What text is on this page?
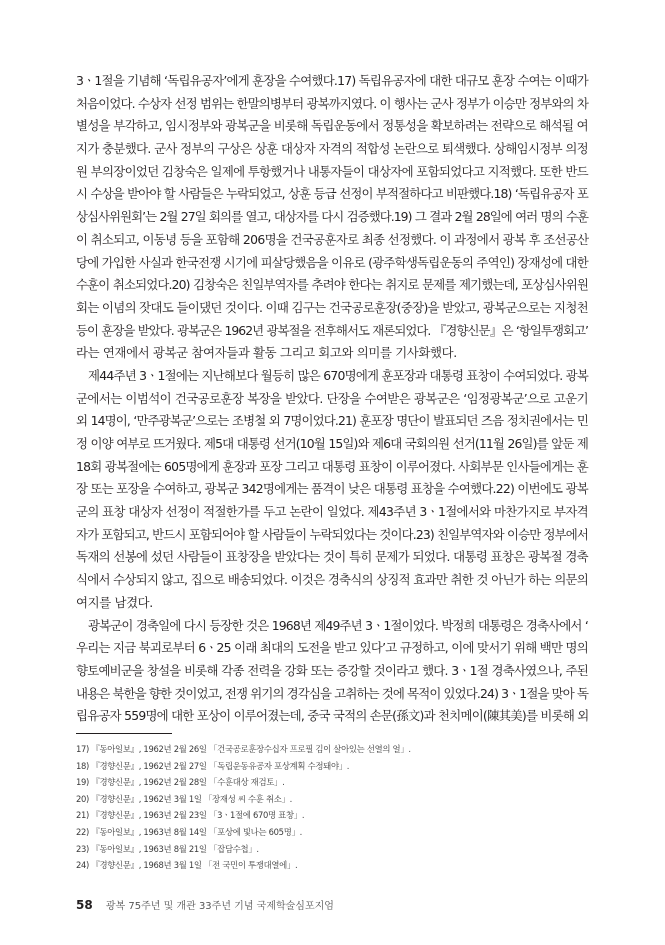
3ㆍ1절을 기념해 ‘독립유공자’에게 훈장을 수여했다.17) 독립유공자에 대한 대규모 훈장 수여는 이때가
처음이었다. 수상자 선정 범위는 한말의병부터 광복까지였다. 이 행사는 군사 정부가 이승만 정부와의 차
별성을 부각하고, 임시정부와 광복군을 비롯해 독립운동에서 정통성을 확보하려는 전략으로 해석될 여
지가 충분했다. 군사 정부의 구상은 상훈 대상자 자격의 적합성 논란으로 퇴색했다. 상해임시정부 의정
원 부의장이었던 김창숙은 일제에 투항했거나 내통자들이 대상자에 포함되었다고 지적했다. 또한 반드
시 수상을 받아야 할 사람들은 누락되었고, 상훈 등급 선정이 부적절하다고 비판했다.18) ‘독립유공자 포
상심사위원회’는 2월 27일 회의를 열고, 대상자를 다시 검증했다.19) 그 결과 2월 28일에 여러 명의 수훈
이 취소되고, 이동녕 등을 포함해 206명을 건국공훈자로 최종 선정했다. 이 과정에서 광복 후 조선공산
당에 가입한 사실과 한국전쟁 시기에 피살당했음을 이유로 (광주학생독립운동의 주역인) 장재성에 대한
수훈이 취소되었다.20) 김창숙은 친일부역자를 추려야 한다는 취지로 문제를 제기했는데, 포상심사위원
회는 이념의 잣대도 들이댔던 것이다. 이때 김구는 건국공로훈장(중장)을 받았고, 광복군으로는 지청천
등이 훈장을 받았다. 광복군은 1962년 광복절을 전후해서도 재론되었다. 『경향신문』은 ‘항일투쟁회고’
라는 연재에서 광복군 참여자들과 활동 그리고 회고와 의미를 기사화했다.
제44주년 3ㆍ1절에는 지난해보다 월등히 많은 670명에게 훈포장과 대통령 표창이 수여되었다. 광복
군에서는 이범석이 건국공로훈장 복장을 받았다. 단장을 수여받은 광복군은 ‘임정광복군’으로 고운기
외 14명이, ‘만주광복군’으로는 조병철 외 7명이었다.21) 훈포장 명단이 발표되던 즈음 정치권에서는 민
정 이양 여부로 뜨거웠다. 제5대 대통령 선거(10월 15일)와 제6대 국회의원 선거(11월 26일)를 앞둔 제
18회 광복절에는 605명에게 훈장과 포장 그리고 대통령 표창이 이루어졌다. 사회부문 인사들에게는 훈
장 또는 포장을 수여하고, 광복군 342명에게는 품격이 낮은 대통령 표창을 수여했다.22) 이번에도 광복
군의 표창 대상자 선정이 적절한가를 두고 논란이 일었다. 제43주년 3ㆍ1절에서와 마찬가지로 부자격
자가 포함되고, 반드시 포함되어야 할 사람들이 누락되었다는 것이다.23) 친일부역자와 이승만 정부에서
독재의 선봉에 섰던 사람들이 표창장을 받았다는 것이 특히 문제가 되었다. 대통령 표창은 광복절 경축
식에서 수상되지 않고, 집으로 배송되었다. 이것은 경축식의 상징적 효과만 취한 것 아닌가 하는 의문의
여지를 남겼다.
광복군이 경축일에 다시 등장한 것은 1968년 제49주년 3ㆍ1절이었다. 박정희 대통령은 경축사에서 ‘
우리는 지금 북괴로부터 6ㆍ25 이래 최대의 도전을 받고 있다’고 규정하고, 이에 맞서기 위해 백만 명의
향토예비군을 창설을 비롯해 각종 전력을 강화 또는 증강할 것이라고 했다. 3ㆍ1절 경축사였으나, 주된
내용은 북한을 향한 것이었고, 전쟁 위기의 경각심을 고취하는 것에 목적이 있었다.24) 3ㆍ1절을 맞아 독
립유공자 559명에 대한 포상이 이루어졌는데, 중국 국적의 손문(孫文)과 천치메이(陳其美)를 비롯해 외
17) 『동아일보』, 1962년 2월 26일 「건국공로훈장수십자 프로필 김이 살아있는 선열의 얼」.
18) 『경향신문』, 1962년 2월 27일 「독립운동유공자 포상계획 수정돼야」.
19) 『경향신문』, 1962년 2월 28일 「수훈대상 재검토」.
20) 『경향신문』, 1962년 3월 1일 「장재성 씨 수훈 취소」.
21) 『경향신문』, 1963년 2월 23일 「3ㆍ1절에 670명 표창」.
22) 『동아일보』, 1963년 8월 14일 「포상에 빛나는 605명」.
23) 『동아일보』, 1963년 8월 21일 「잡담수첩」.
24) 『경향신문』, 1968년 3월 1일 「전 국민이 투쟁대열에」.
58 광복 75주년 및 개관 33주년 기념 국제학술심포지엄
